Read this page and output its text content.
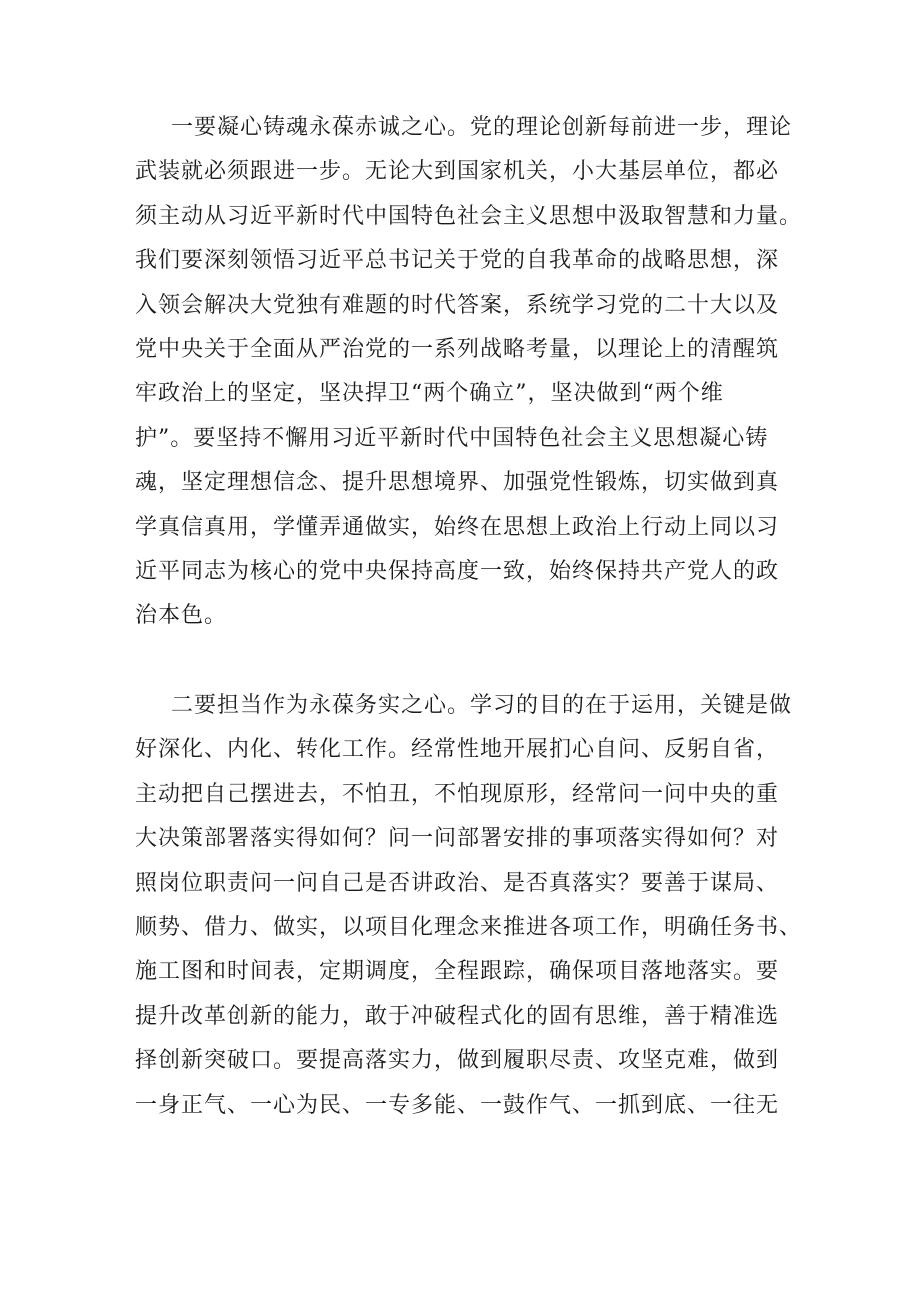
一要凝心铸魂永葆赤诚之心。党的理论创新每前进一步，理论

武装就必须跟进一步。无论大到国家机关，小大基层单位，都必

须主动从习近平新时代中国特色社会主义思想中汲取智慧和力量。

我们要深刻领悟习近平总书记关于党的自我革命的战略思想，深

入领会解决大党独有难题的时代答案，系统学习党的二十大以及

党中央关于全面从严治党的一系列战略考量，以理论上的清醒筑

牢政治上的坚定，坚决捍卫“两个确立”，坚决做到“两个维

护”。要坚持不懈用习近平新时代中国特色社会主义思想凝心铸

魂，坚定理想信念、提升思想境界、加强党性锻炼，切实做到真

学真信真用，学懂弄通做实，始终在思想上政治上行动上同以习

近平同志为核心的党中央保持高度一致，始终保持共产党人的政

治本色。

二要担当作为永葆务实之心。学习的目的在于运用，关键是做

好深化、内化、转化工作。经常性地开展扪心自问、反躬自省，

主动把自己摆进去，不怕丑，不怕现原形，经常问一问中央的重

大决策部署落实得如何？问一问部署安排的事项落实得如何？对

照岗位职责问一问自己是否讲政治、是否真落实？要善于谋局、

顺势、借力、做实，以项目化理念来推进各项工作，明确任务书、

施工图和时间表，定期调度，全程跟踪，确保项目落地落实。要

提升改革创新的能力，敢于冲破程式化的固有思维，善于精准选

择创新突破口。要提高落实力，做到履职尽责、攻坚克难，做到

一身正气、一心为民、一专多能、一鼓作气、一抓到底、一往无
